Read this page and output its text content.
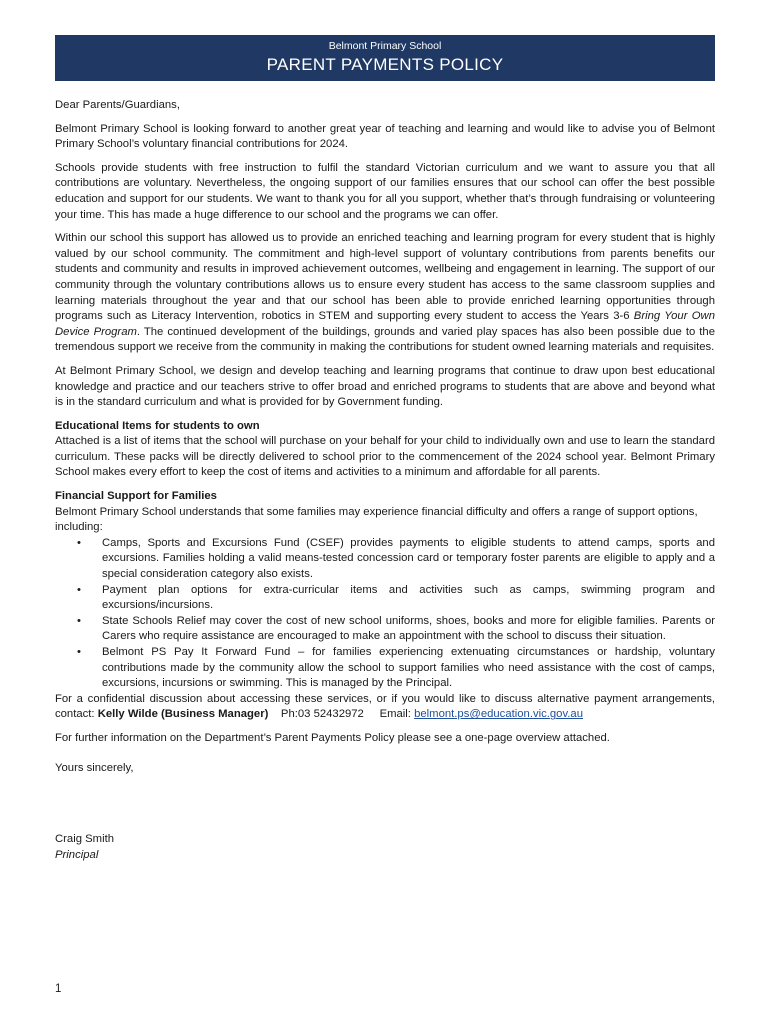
Belmont Primary School
PARENT PAYMENTS POLICY

Dear Parents/Guardians,

Belmont Primary School is looking forward to another great year of teaching and learning and would like to advise you of Belmont Primary School’s voluntary financial contributions for 2024.

Schools provide students with free instruction to fulfil the standard Victorian curriculum and we want to assure you that all contributions are voluntary. Nevertheless, the ongoing support of our families ensures that our school can offer the best possible education and support for our students. We want to thank you for all you support, whether that’s through fundraising or volunteering your time. This has made a huge difference to our school and the programs we can offer.

Within our school this support has allowed us to provide an enriched teaching and learning program for every student that is highly valued by our school community. The commitment and high-level support of voluntary contributions from parents benefits our students and community and results in improved achievement outcomes, wellbeing and engagement in learning. The support of our community through the voluntary contributions allows us to ensure every student has access to the same classroom supplies and learning materials throughout the year and that our school has been able to provide enriched learning opportunities through programs such as Literacy Intervention, robotics in STEM and supporting every student to access the Years 3-6 Bring Your Own Device Program. The continued development of the buildings, grounds and varied play spaces has also been possible due to the tremendous support we receive from the community in making the contributions for student owned learning materials and requisites.

At Belmont Primary School, we design and develop teaching and learning programs that continue to draw upon best educational knowledge and practice and our teachers strive to offer broad and enriched programs to students that are above and beyond what is in the standard curriculum and what is provided for by Government funding.

Educational Items for students to own

Attached is a list of items that the school will purchase on your behalf for your child to individually own and use to learn the standard curriculum. These packs will be directly delivered to school prior to the commencement of the 2024 school year. Belmont Primary School makes every effort to keep the cost of items and activities to a minimum and affordable for all parents.

Financial Support for Families

Belmont Primary School understands that some families may experience financial difficulty and offers a range of support options, including:

• Camps, Sports and Excursions Fund (CSEF) provides payments to eligible students to attend camps, sports and excursions. Families holding a valid means-tested concession card or temporary foster parents are eligible to apply and a special consideration category also exists.
• Payment plan options for extra-curricular items and activities such as camps, swimming program and excursions/incursions.
• State Schools Relief may cover the cost of new school uniforms, shoes, books and more for eligible families. Parents or Carers who require assistance are encouraged to make an appointment with the school to discuss their situation.
• Belmont PS Pay It Forward Fund – for families experiencing extenuating circumstances or hardship, voluntary contributions made by the community allow the school to support families who need assistance with the cost of camps, excursions, incursions or swimming. This is managed by the Principal.

For a confidential discussion about accessing these services, or if you would like to discuss alternative payment arrangements, contact: Kelly Wilde (Business Manager) Ph:03 52432972 Email: belmont.ps@education.vic.gov.au

For further information on the Department’s Parent Payments Policy please see a one-page overview attached.

Yours sincerely,

Craig Smith

Principal

1
